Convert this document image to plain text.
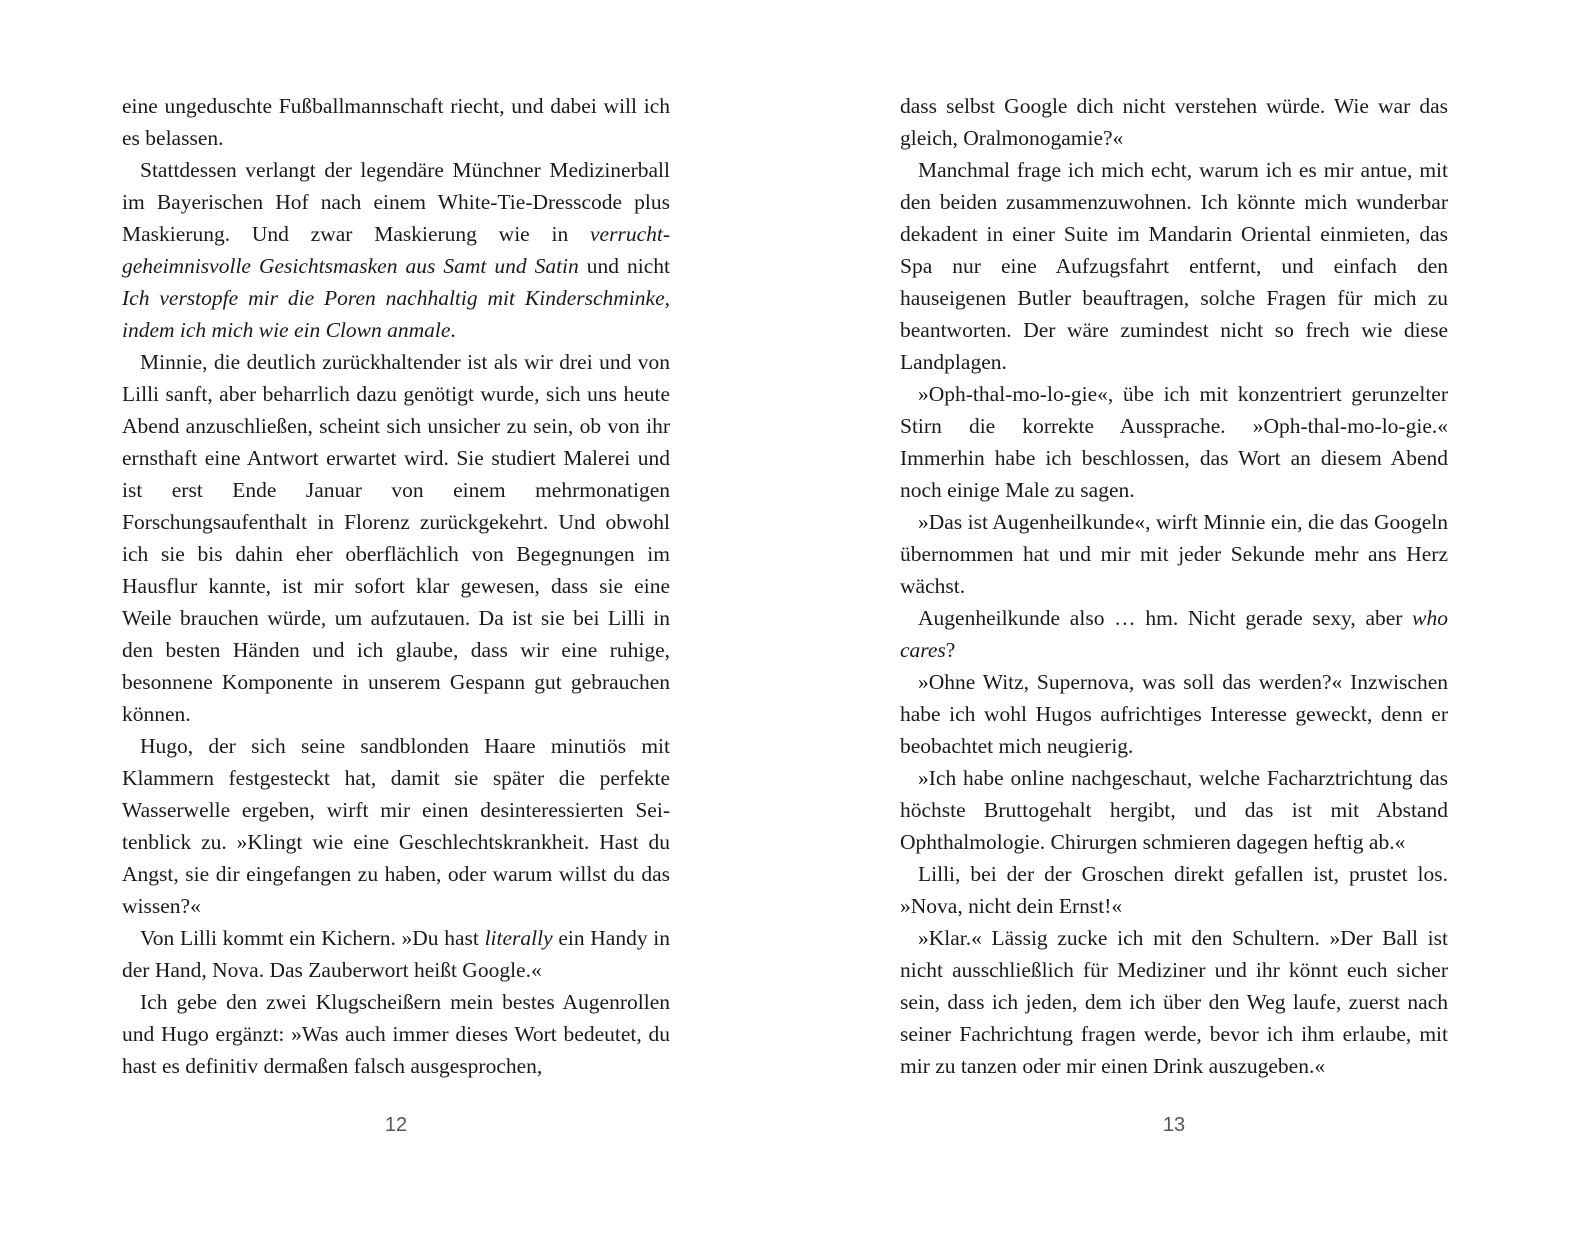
eine ungeduschte Fußballmannschaft riecht, und dabei will ich es belassen.

Stattdessen verlangt der legendäre Münchner Medizinerball im Bayerischen Hof nach einem White-Tie-Dresscode plus Maskierung. Und zwar Maskierung wie in verrucht-geheimnisvolle Gesichtsmasken aus Samt und Satin und nicht Ich verstopfe mir die Poren nachhaltig mit Kinderschminke, indem ich mich wie ein Clown anmale.

Minnie, die deutlich zurückhaltender ist als wir drei und von Lilli sanft, aber beharrlich dazu genötigt wurde, sich uns heute Abend anzuschließen, scheint sich unsicher zu sein, ob von ihr ernsthaft eine Antwort erwartet wird. Sie studiert Malerei und ist erst Ende Januar von einem mehrmonatigen Forschungsaufenthalt in Florenz zurückgekehrt. Und obwohl ich sie bis dahin eher oberflächlich von Begegnungen im Hausflur kannte, ist mir sofort klar gewesen, dass sie eine Weile brauchen würde, um aufzutauen. Da ist sie bei Lilli in den besten Händen und ich glaube, dass wir eine ruhige, besonnene Komponente in unserem Gespann gut gebrauchen können.

Hugo, der sich seine sandblonden Haare minutiös mit Klammern festgesteckt hat, damit sie später die perfekte Wasserwelle ergeben, wirft mir einen desinteressierten Seitenblick zu. »Klingt wie eine Geschlechtskrankheit. Hast du Angst, sie dir eingefangen zu haben, oder warum willst du das wissen?«

Von Lilli kommt ein Kichern. »Du hast literally ein Handy in der Hand, Nova. Das Zauberwort heißt Google.«

Ich gebe den zwei Klugscheißern mein bestes Augenrollen und Hugo ergänzt: »Was auch immer dieses Wort bedeutet, du hast es definitiv dermaßen falsch ausgesprochen,

dass selbst Google dich nicht verstehen würde. Wie war das gleich, Oralmonogamie?«

Manchmal frage ich mich echt, warum ich es mir antue, mit den beiden zusammenzuwohnen. Ich könnte mich wunderbar dekadent in einer Suite im Mandarin Oriental einmieten, das Spa nur eine Aufzugsfahrt entfernt, und einfach den hauseigenen Butler beauftragen, solche Fragen für mich zu beantworten. Der wäre zumindest nicht so frech wie diese Landplagen.

»Oph-thal-mo-lo-gie«, übe ich mit konzentriert gerunzelter Stirn die korrekte Aussprache. »Oph-thal-mo-lo-gie.« Immerhin habe ich beschlossen, das Wort an diesem Abend noch einige Male zu sagen.

»Das ist Augenheilkunde«, wirft Minnie ein, die das Googeln übernommen hat und mir mit jeder Sekunde mehr ans Herz wächst.

Augenheilkunde also … hm. Nicht gerade sexy, aber who cares?

»Ohne Witz, Supernova, was soll das werden?« Inzwischen habe ich wohl Hugos aufrichtiges Interesse geweckt, denn er beobachtet mich neugierig.

»Ich habe online nachgeschaut, welche Facharztrichtung das höchste Bruttogehalt hergibt, und das ist mit Abstand Ophthalmologie. Chirurgen schmieren dagegen heftig ab.«

Lilli, bei der der Groschen direkt gefallen ist, prustet los. »Nova, nicht dein Ernst!«

»Klar.« Lässig zucke ich mit den Schultern. »Der Ball ist nicht ausschließlich für Mediziner und ihr könnt euch sicher sein, dass ich jeden, dem ich über den Weg laufe, zuerst nach seiner Fachrichtung fragen werde, bevor ich ihm erlaube, mit mir zu tanzen oder mir einen Drink auszugeben.«

12	13
